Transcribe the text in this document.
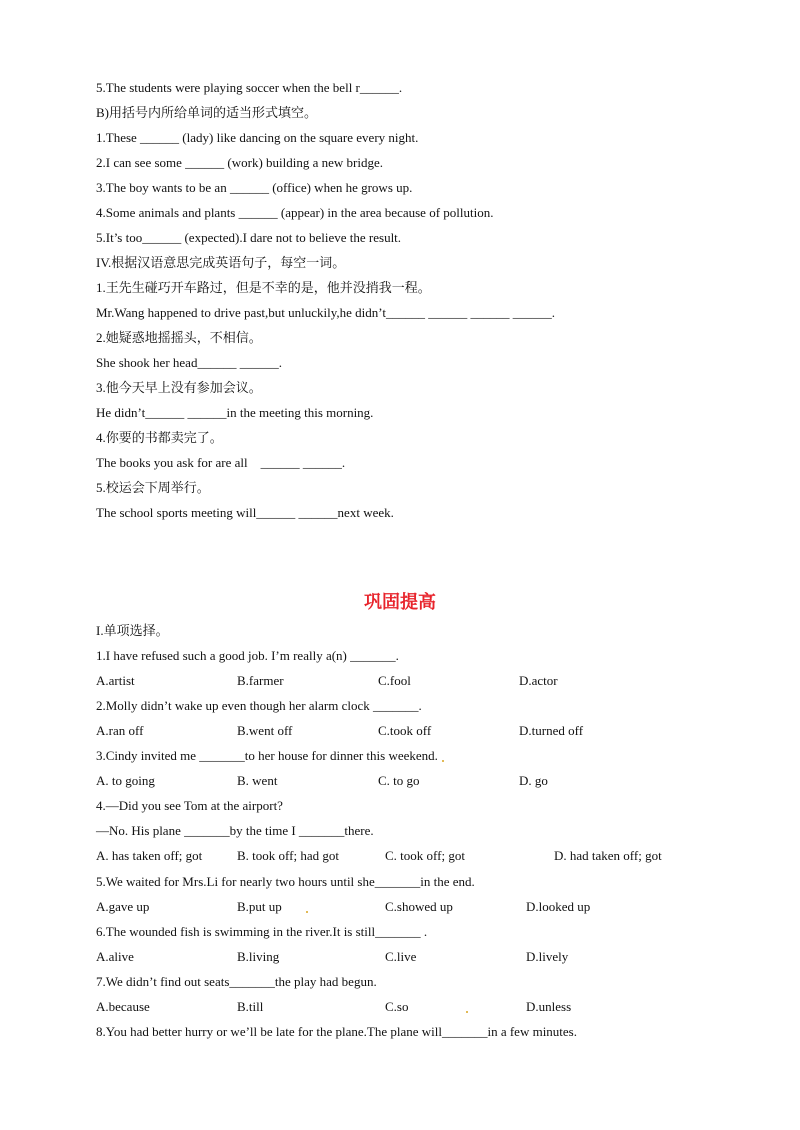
5.The students were playing soccer when the bell r______.
B)用括号内所给单词的适当形式填空。
1.These ______ (lady) like dancing on the square every night.
2.I can see some ______ (work) building a new bridge.
3.The boy wants to be an ______ (office) when he grows up.
4.Some animals and plants ______ (appear) in the area because of pollution.
5.It’s too______ (expected).I dare not to believe the result.
IV.根据汉语意思完成英语句子，每空一词。
1.王先生碰巧开车路过，但是不幸的是，他并没捎我一程。
Mr.Wang happened to drive past,but unluckily,he didn’t______ ______ ______ ______.
2.她疑惑地摇摇头，不相信。
She shook her head______ ______.
3.他今天早上没有参加会议。
He didn’t______ ______in the meeting this morning.
4.你要的书都卖完了。
The books you ask for are all    ______ ______.
5.校运会下周举行。
The school sports meeting will______ ______next week.
巩固提高
I.单项选择。
1.I have refused such a good job. I’m really a(n) _______.
A.artist	B.farmer	C.fool	D.actor
2.Molly didn’t wake up even though her alarm clock _______.
A.ran off	B.went off	C.took off	D.turned off
3.Cindy invited me _______to her house for dinner this weekend.
A. to going	B. went	C. to go	D. go
4.—Did you see Tom at the airport?
—No. His plane _______by the time I _______there.
A. has taken off; got	B. took off; had got	C. took off; got	D. had taken off; got
5.We waited for Mrs.Li for nearly two hours until she_______in the end.
A.gave up	B.put up	C.showed up	D.looked up
6.The wounded fish is swimming in the river.It is still_______ .
A.alive	B.living	C.live	D.lively
7.We didn’t find out seats_______the play had begun.
A.because	B.till	C.so	D.unless
8.You had better hurry or we’ll be late for the plane.The plane will_______in a few minutes.
